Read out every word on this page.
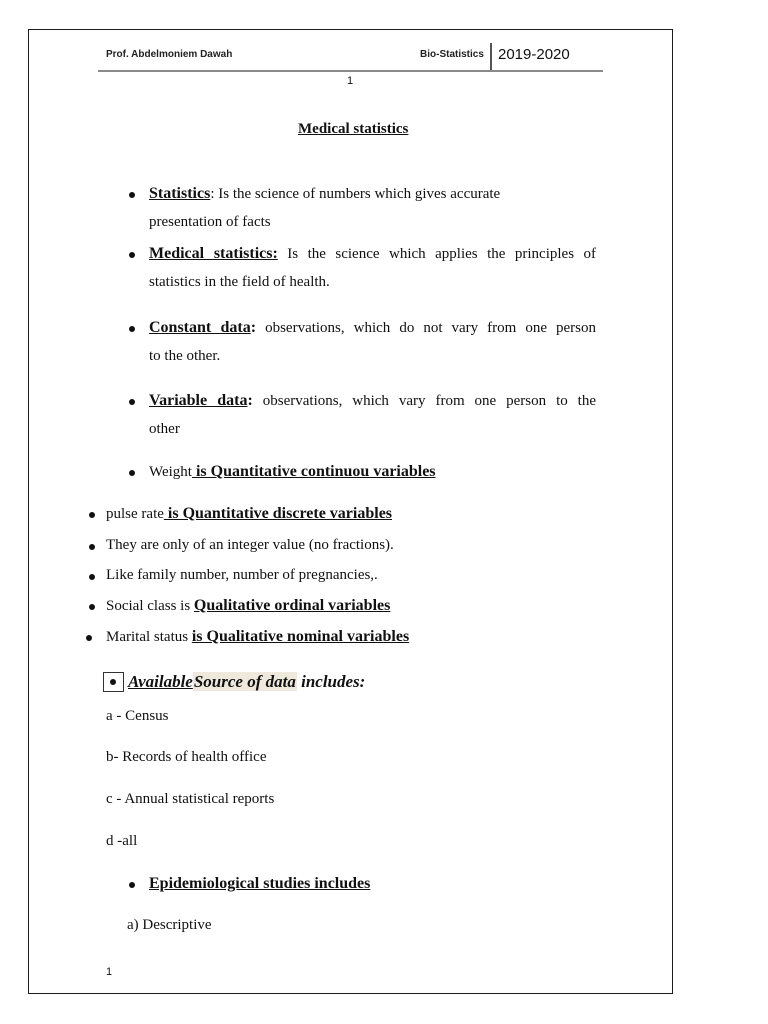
Prof. Abdelmoniem Dawah	Bio-Statistics 2019-2020
1
Medical statistics
Statistics: Is the science of numbers which gives accurate
presentation of facts
Medical statistics: Is the science which applies the principles of
statistics in the field of health.
Constant data: observations, which do not vary from one person
to the other.
Variable data: observations, which vary from one person to the
other
Weight is Quantitative continuou variables
pulse rate is Quantitative discrete variables
They are only of an integer value (no fractions).
Like family number, number of pregnancies,.
Social class is Qualitative ordinal variables
Marital status is Qualitative nominal variables
AvailableSource of data includes:
a - Census
b- Records of health office
c - Annual statistical reports
d -all
Epidemiological studies includes
a) Descriptive
1
